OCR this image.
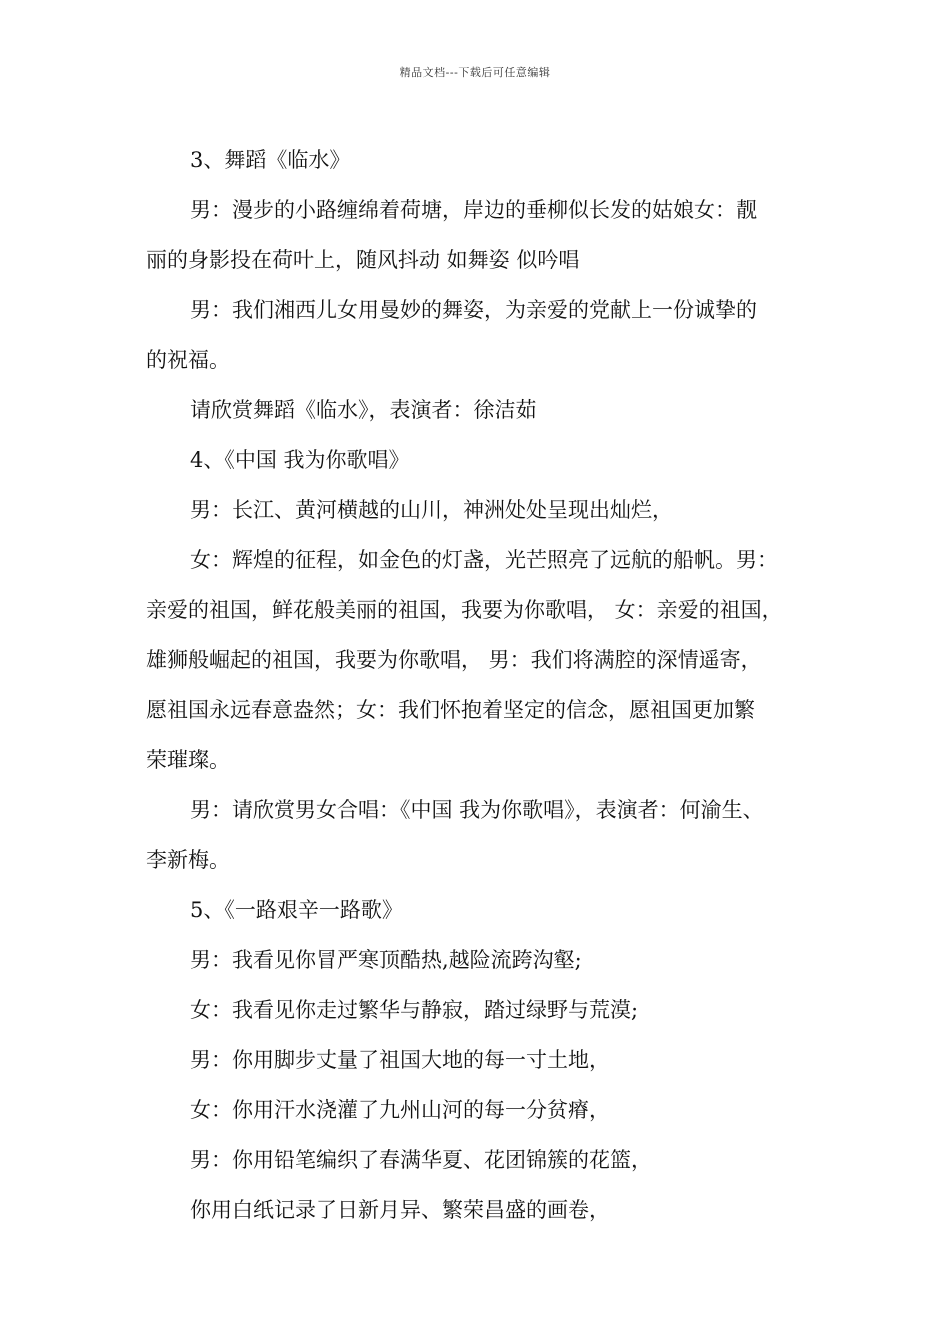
精品文档---下载后可任意编辑
3、舞蹈《临水》
男：漫步的小路缠绵着荷塘，岸边的垂柳似长发的姑娘女：靓
丽的身影投在荷叶上，随风抖动 如舞姿 似吟唱
男：我们湘西儿女用曼妙的舞姿，为亲爱的党献上一份诚挚的
的祝福。
请欣赏舞蹈《临水》，表演者：徐洁茹
4、《中国 我为你歌唱》
男：长江、黄河横越的山川，神洲处处呈现出灿烂，
女：辉煌的征程，如金色的灯盏，光芒照亮了远航的船帆。男：
亲爱的祖国，鲜花般美丽的祖国，我要为你歌唱， 女：亲爱的祖国，
雄狮般崛起的祖国，我要为你歌唱， 男：我们将满腔的深情遥寄，
愿祖国永远春意盎然；女：我们怀抱着坚定的信念，愿祖国更加繁
荣璀璨。
男：请欣赏男女合唱：《中国 我为你歌唱》，表演者：何渝生、
李新梅。
5、《一路艰辛一路歌》
男：我看见你冒严寒顶酷热,越险流跨沟壑;
女：我看见你走过繁华与静寂，踏过绿野与荒漠;
男：你用脚步丈量了祖国大地的每一寸土地，
女：你用汗水浇灌了九州山河的每一分贫瘠，
男：你用铅笔编织了春满华夏、花团锦簇的花篮，
你用白纸记录了日新月异、繁荣昌盛的画卷，
